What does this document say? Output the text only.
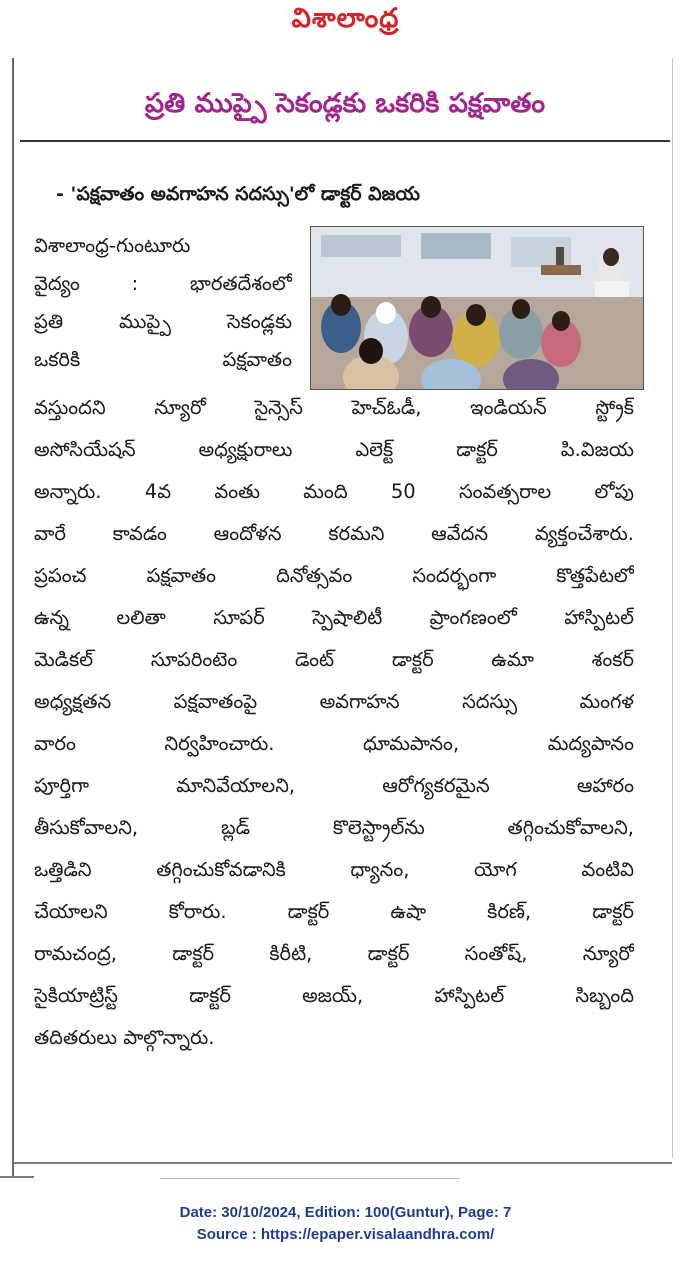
విశాలాంధ్ర
ప్రతి ముప్పై సెకండ్లకు ఒకరికి పక్షవాతం
- 'పక్షవాతం అవగాహన సదస్సు'లో డాక్టర్ విజయ
విశాలాంధ్ర-గుంటూరు
వైద్యం : భారతదేశంలో
ప్రతి ముప్పై సెకండ్లకు
ఒకరికి పక్షవాతం
వస్తుందని న్యూరో సైన్సెస్ హెచ్ఓడీ, ఇండియన్ స్ట్రోక్
అసోసియేషన్ అధ్యక్షురాలు ఎలెక్ట్ డాక్టర్ పి.విజయ
అన్నారు. 4వ వంతు మంది 50 సంవత్సరాల లోపు
వారే కావడం ఆందోళన కరమని ఆవేదన వ్యక్తంచేశారు.
ప్రపంచ పక్షవాతం దినోత్సవం సందర్భంగా కొత్తపేటలో
ఉన్న లలితా సూపర్ స్పెషాలిటీ ప్రాంగణంలో హాస్పిటల్
మెడికల్ సూపరింటెం డెంట్ డాక్టర్ ఉమా శంకర్
అధ్యక్షతన పక్షవాతంపై అవగాహన సదస్సు మంగళ
వారం నిర్వహించారు. ధూమపానం, మద్యపానం
పూర్తిగా మానివేయాలని, ఆరోగ్యకరమైన ఆహారం
తీసుకోవాలని, బ్లడ్ కొలెస్ట్రాల్‌ను తగ్గించుకోవాలని,
ఒత్తిడిని తగ్గించుకోవడానికి ధ్యానం, యోగ వంటివి
చేయాలని కోరారు. డాక్టర్ ఉషా కిరణ్, డాక్టర్
రామచంద్ర, డాక్టర్ కిరీటి, డాక్టర్ సంతోష్, న్యూరో
సైకియాట్రిస్ట్ డాక్టర్ అజయ్, హాస్పిటల్ సిబ్బంది
తదితరులు పాల్గొన్నారు.
Date: 30/10/2024, Edition: 100(Guntur), Page: 7
Source : https://epaper.visalaandhra.com/
